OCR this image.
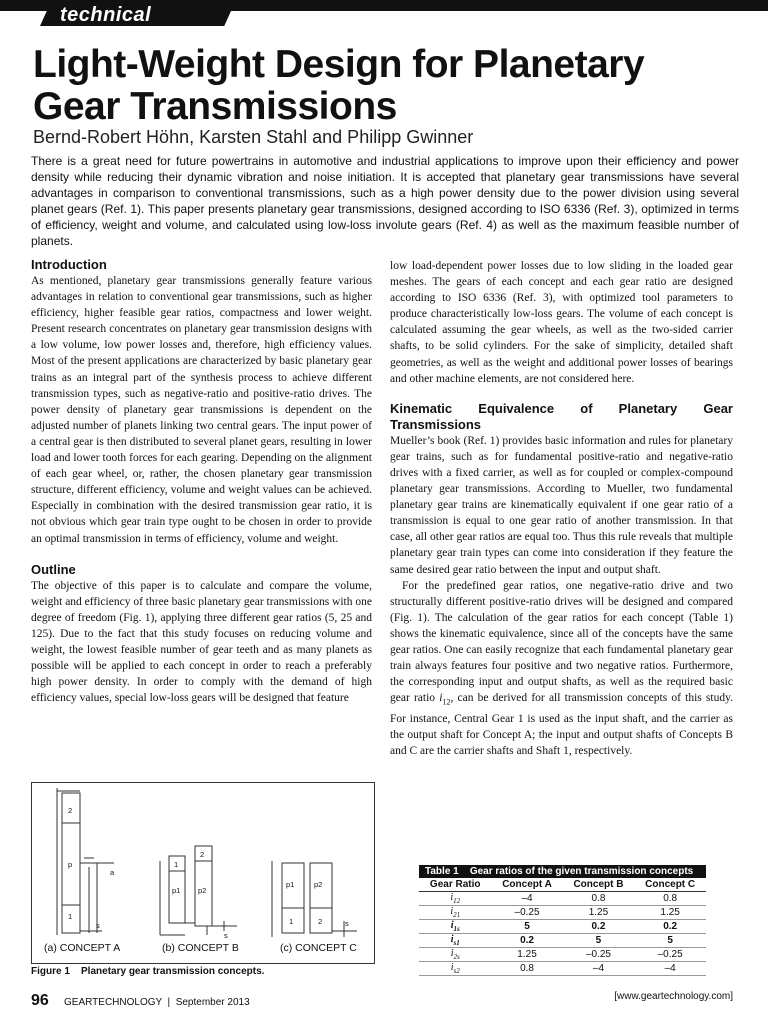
technical
Light-Weight Design for Planetary Gear Transmissions
Bernd-Robert Höhn, Karsten Stahl and Philipp Gwinner
There is a great need for future powertrains in automotive and industrial applications to improve upon their efficiency and power density while reducing their dynamic vibration and noise initiation. It is accepted that planetary gear transmissions have several advantages in comparison to conventional transmissions, such as a high power density due to the power division using several planet gears (Ref. 1). This paper presents planetary gear transmissions, designed according to ISO 6336 (Ref. 3), optimized in terms of efficiency, weight and volume, and calculated using low-loss involute gears (Ref. 4) as well as the maximum feasible number of planets.
Introduction

As mentioned, planetary gear transmissions generally feature various advantages in relation to conventional gear transmissions, such as higher efficiency, higher feasible gear ratios, compactness and lower weight. Present research concentrates on planetary gear transmission designs with a low volume, low power losses and, therefore, high efficiency values. Most of the present applications are characterized by basic planetary gear trains as an integral part of the synthesis process to achieve different transmission types, such as negative-ratio and positive-ratio drives. The power density of planetary gear transmissions is dependent on the adjusted number of planets linking two central gears. The input power of a central gear is then distributed to several planet gears, resulting in lower load and lower tooth forces for each gearing. Depending on the alignment of each gear wheel, or, rather, the chosen planetary gear transmission structure, different efficiency, volume and weight values can be achieved. Especially in combination with the desired transmission gear ratio, it is not obvious which gear train type ought to be chosen in order to provide an optimal transmission in terms of efficiency, volume and weight.

Outline

The objective of this paper is to calculate and compare the volume, weight and efficiency of three basic planetary gear transmissions with one degree of freedom (Fig. 1), applying three different gear ratios (5, 25 and 125). Due to the fact that this study focuses on reducing volume and weight, the lowest feasible number of gear teeth and as many planets as possible will be applied to each concept in order to reach a preferably high power density. In order to comply with the demand of high efficiency values, special low-loss gears will be designed that feature

low load-dependent power losses due to low sliding in the loaded gear meshes. The gears of each concept and each gear ratio are designed according to ISO 6336 (Ref. 3), with optimized tool parameters to produce characteristically low-loss gears. The volume of each concept is calculated assuming the gear wheels, as well as the two-sided carrier shafts, to be solid cylinders. For the sake of simplicity, detailed shaft geometries, as well as the weight and additional power losses of bearings and other machine elements, are not considered here.

Kinematic Equivalence of Planetary Gear Transmissions

Mueller’s book (Ref. 1) provides basic information and rules for planetary gear trains, such as for fundamental positive-ratio and negative-ratio drives with a fixed carrier, as well as for coupled or complex-compound planetary gear transmissions. According to Mueller, two fundamental planetary gear trains are kinematically equivalent if one gear ratio of a transmission is equal to one gear ratio of another transmission. In that case, all other gear ratios are equal too. Thus this rule reveals that multiple planetary gear train types can come into consideration if they feature the same desired gear ratio between the input and output shaft.

For the predefined gear ratios, one negative-ratio drive and two structurally different positive-ratio drives will be designed and compared (Fig. 1). The calculation of the gear ratios for each concept (Table 1) shows the kinematic equivalence, since all of the concepts have the same gear ratios. One can easily recognize that each fundamental planetary gear train always features four positive and two negative ratios. Furthermore, the corresponding input and output shafts, as well as the required basic gear ratio $i_{12}$, can be derived for all transmission concepts of this study. For instance, Central Gear 1 is used as the input shaft, and the carrier as the output shaft for Concept A; the input and output shafts of Concepts B and C are the carrier shafts and Shaft 1, respectively.

2
p
1
a
s
1
2
p1 p2
s
p1	p2
1	2	s
(a) CONCEPT A	(b) CONCEPT B	(c) CONCEPT C
Figure 1    Planetary gear transmission concepts.
Table 1    Gear ratios of the given transmission concepts
Gear Ratio	Concept A	Concept B	Concept C
$i_{12}$	–4	0.8	0.8
$i_{21}$	–0.25	1.25	1.25
$i_{1s}$	5	0.2	0.2
$i_{s1}$	0.2	5	5
$i_{2s}$	1.25	–0.25	–0.25
$i_{s2}$	0.8	–4	–4
96 GEARTECHNOLOGY  |  September 2013
[www.geartechnology.com]
